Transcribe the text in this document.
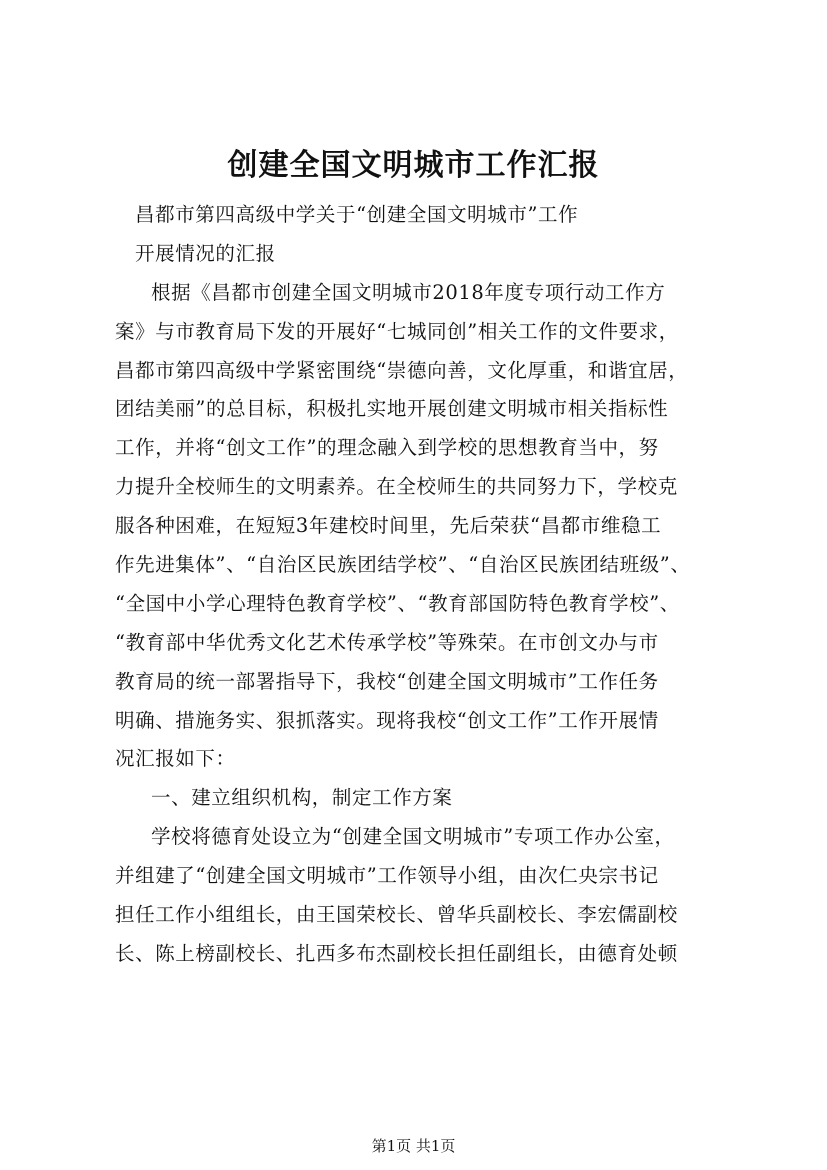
创建全国文明城市工作汇报
昌都市第四高级中学关于“创建全国文明城市”工作
开展情况的汇报
根据《昌都市创建全国文明城市2018年度专项行动工作方
案》与市教育局下发的开展好“七城同创”相关工作的文件要求，
昌都市第四高级中学紧密围绕“崇德向善，文化厚重，和谐宜居，
团结美丽”的总目标，积极扎实地开展创建文明城市相关指标性
工作，并将“创文工作”的理念融入到学校的思想教育当中，努
力提升全校师生的文明素养。在全校师生的共同努力下，学校克
服各种困难，在短短3年建校时间里，先后荣获“昌都市维稳工
作先进集体”、“自治区民族团结学校”、“自治区民族团结班级”、
“全国中小学心理特色教育学校”、“教育部国防特色教育学校”、
“教育部中华优秀文化艺术传承学校”等殊荣。在市创文办与市
教育局的统一部署指导下，我校“创建全国文明城市”工作任务
明确、措施务实、狠抓落实。现将我校“创文工作”工作开展情
况汇报如下：
一、建立组织机构，制定工作方案
学校将德育处设立为“创建全国文明城市”专项工作办公室，
并组建了“创建全国文明城市”工作领导小组，由次仁央宗书记
担任工作小组组长，由王国荣校长、曾华兵副校长、李宏儒副校
长、陈上榜副校长、扎西多布杰副校长担任副组长，由德育处顿
第1页 共1页
